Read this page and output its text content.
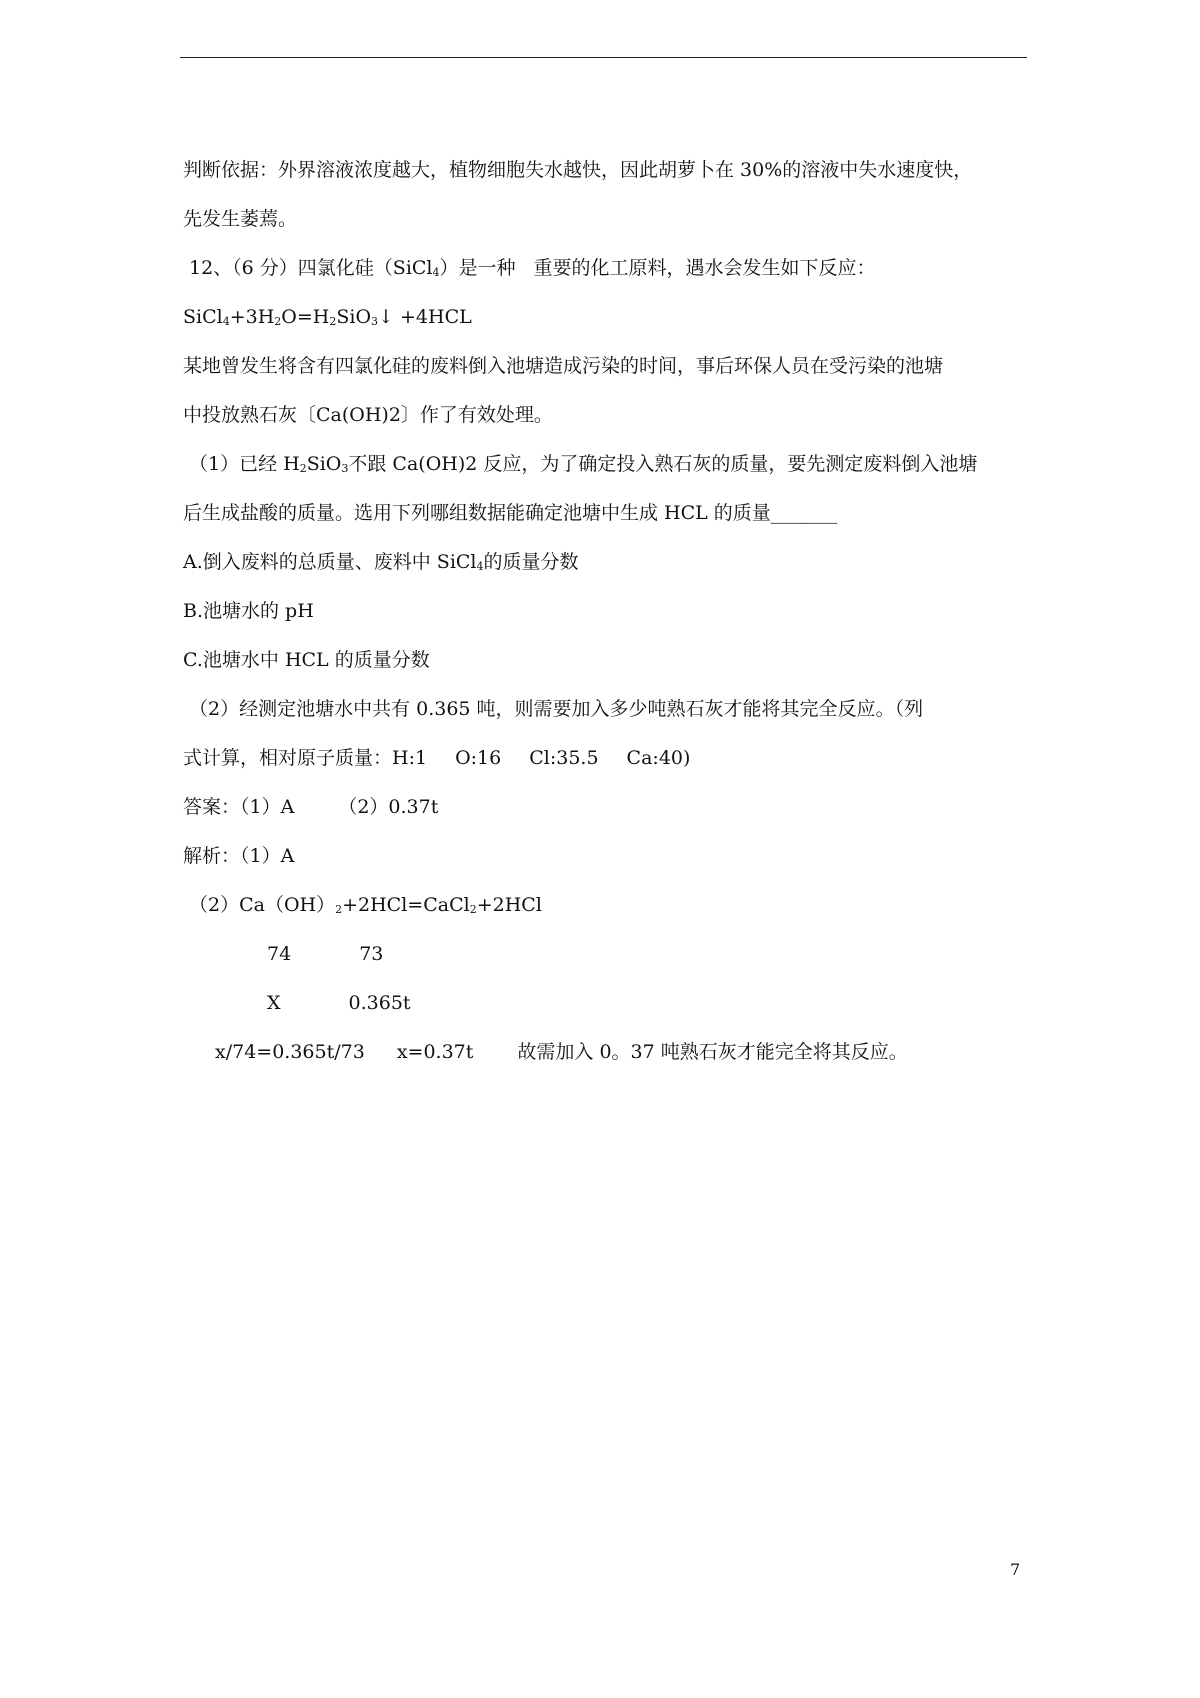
判断依据：外界溶液浓度越大，植物细胞失水越快，因此胡萝卜在 30%的溶液中失水速度快，
先发生萎蔫。
12、（6 分）四氯化硅（SiCl$_4$）是一种 重要的化工原料，遇水会发生如下反应：
$SiCl_4+3H_2O=H_2SiO_3↓ +4HCL$
某地曾发生将含有四氯化硅的废料倒入池塘造成污染的时间，事后环保人员在受污染的池塘
中投放熟石灰〔Ca(OH)2〕作了有效处理。
（1）已经 $H_2SiO_3$不跟 Ca(OH)2 反应，为了确定投入熟石灰的质量，要先测定废料倒入池塘
后生成盐酸的质量。选用下列哪组数据能确定池塘中生成 HCL 的质量_______
A.倒入废料的总质量、废料中 SiCl$_4$的质量分数
B.池塘水的 pH
C.池塘水中 HCL 的质量分数
（2）经测定池塘水中共有 0.365 吨，则需要加入多少吨熟石灰才能将其完全反应。（列
式计算，相对原子质量：H:1 O:16 Cl:35.5 Ca:40)
答案：（1）A （2）0.37t
解析：（1）A
$(2)Ca(OH)_2+2HCl=CaCl_2+2HCl$
74	73
X	0.365t
x/74=0.365t/73 x=0.37t 故需加入 0。37 吨熟石灰才能完全将其反应。
7
